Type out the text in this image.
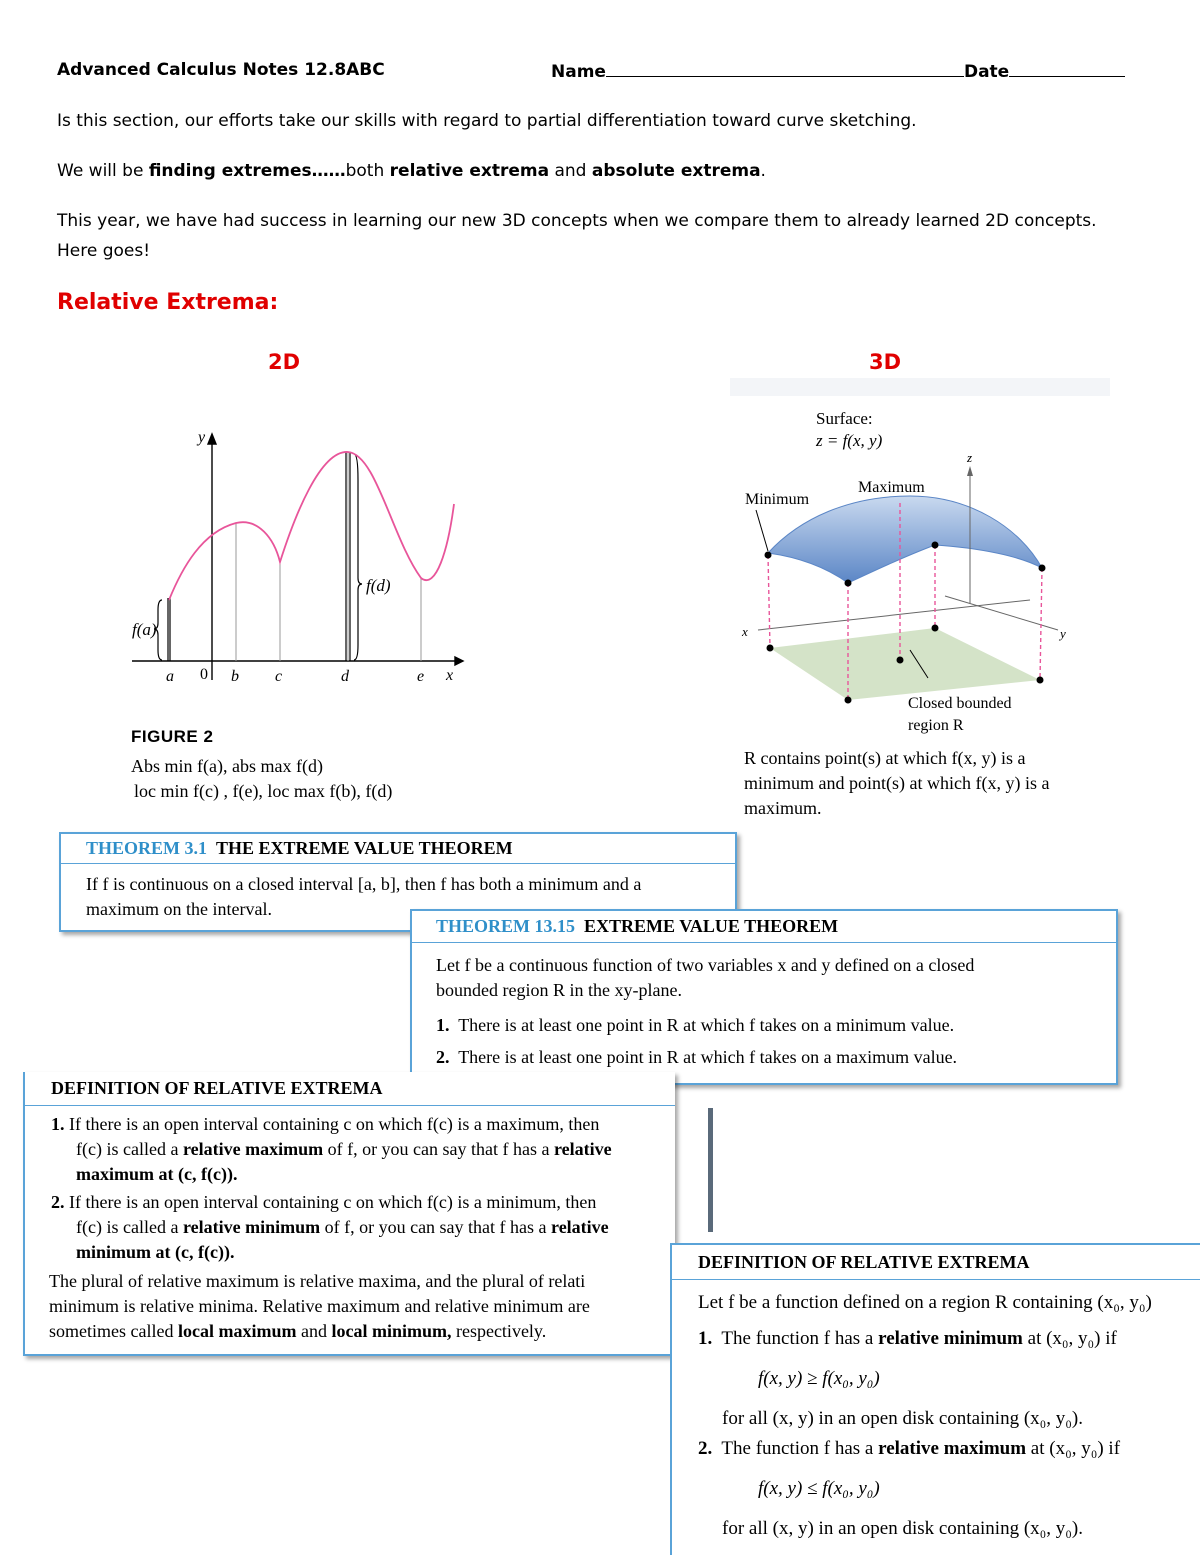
Advanced Calculus Notes 12.8ABC	Name	Date
Is this section, our efforts take our skills with regard to partial differentiation toward curve sketching.
We will be finding extremes……both relative extrema and absolute extrema.
This year, we have had success in learning our new 3D concepts when we compare them to already learned 2D concepts.
Here goes!
Relative Extrema:
2D	3D
y
x
f(a)
f(d)
a 0 b c	d	e
FIGURE 2
Abs min f(a), abs max f(d)
loc min f(c) , f(e), loc max f(b), f(d)
Surface:
z = f(x, y)
Minimum
Maximum
z
x	y
Closed bounded
region R
R contains point(s) at which f(x, y) is a
minimum and point(s) at which f(x, y) is a
maximum.
THEOREM 3.1 THE EXTREME VALUE THEOREM
If f is continuous on a closed interval [a, b], then f has both a minimum and a
maximum on the interval.
THEOREM 13.15 EXTREME VALUE THEOREM
Let f be a continuous function of two variables x and y defined on a closed
bounded region R in the xy-plane.
1. There is at least one point in R at which f takes on a minimum value.
2. There is at least one point in R at which f takes on a maximum value.
DEFINITION OF RELATIVE EXTREMA
1. If there is an open interval containing c on which f(c) is a maximum, then
f(c) is called a relative maximum of f, or you can say that f has a relative
maximum at (c, f(c)).
2. If there is an open interval containing c on which f(c) is a minimum, then
f(c) is called a relative minimum of f, or you can say that f has a relative
minimum at (c, f(c)).
The plural of relative maximum is relative maxima, and the plural of relati
minimum is relative minima. Relative maximum and relative minimum are
sometimes called local maximum and local minimum, respectively.
DEFINITION OF RELATIVE EXTREMA
Let f be a function defined on a region R containing (x₀, y₀)
1. The function f has a relative minimum at (x₀, y₀) if
f(x, y) ≥ f(x₀, y₀)
for all (x, y) in an open disk containing (x₀, y₀).
2. The function f has a relative maximum at (x₀, y₀) if
f(x, y) ≤ f(x₀, y₀)
for all (x, y) in an open disk containing (x₀, y₀).
